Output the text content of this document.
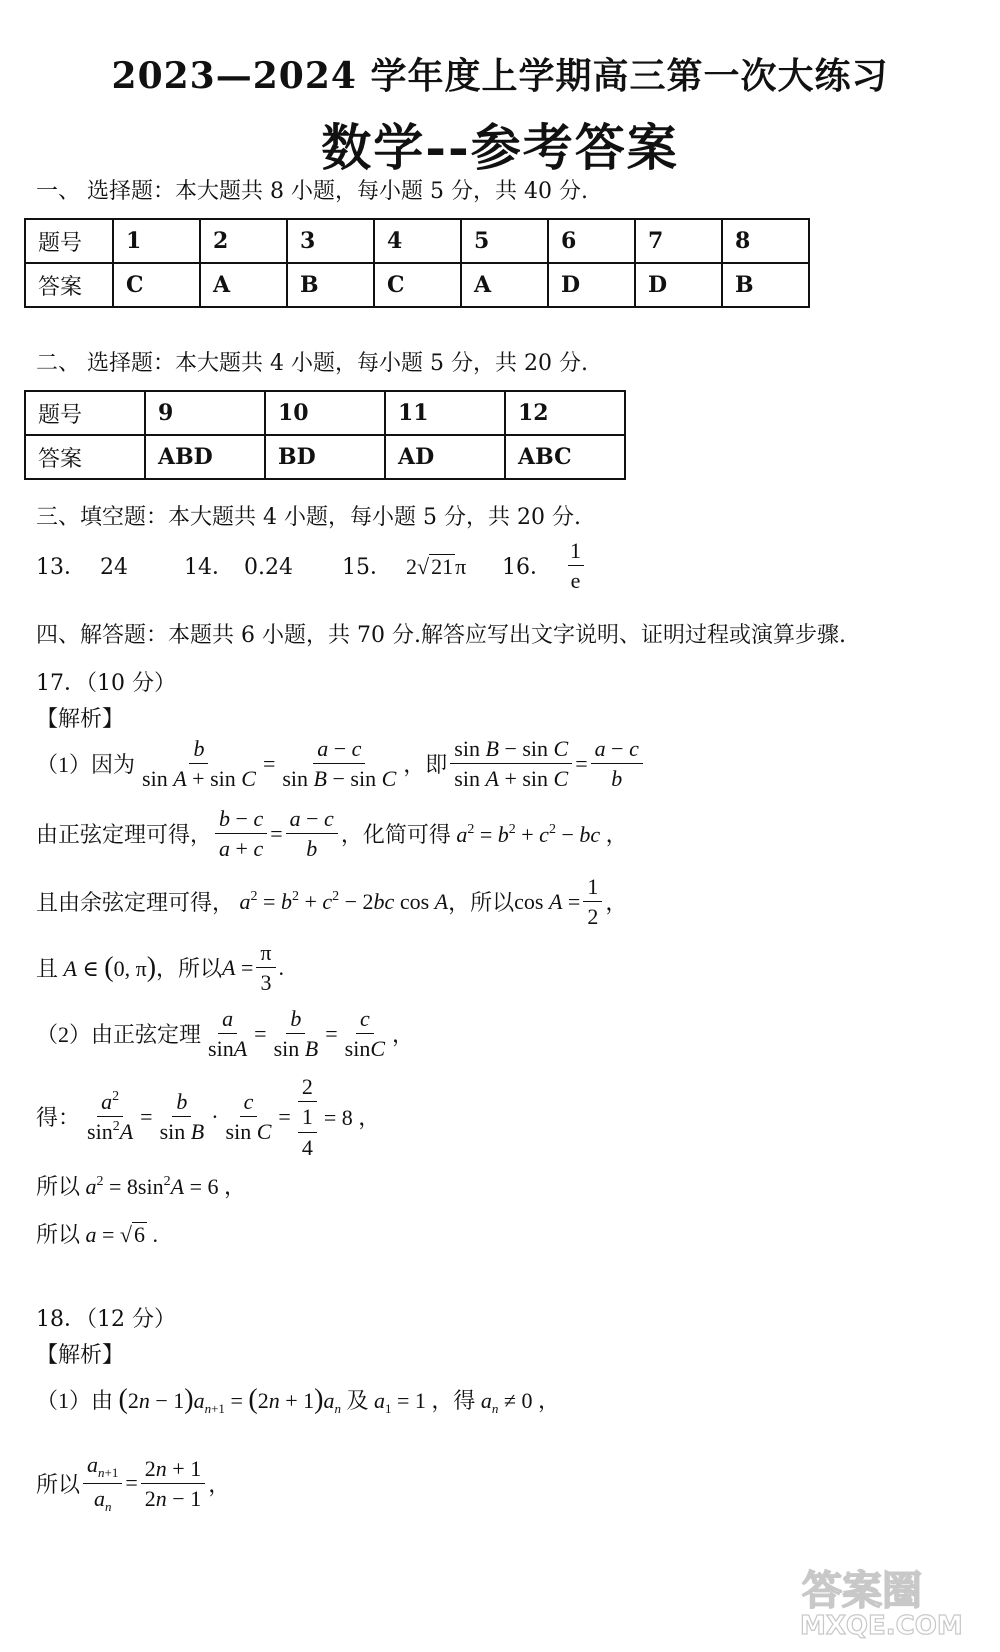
2023—2024 学年度上学期高三第一次大练习
数学--参考答案
一、 选择题：本大题共 8 小题，每小题 5 分，共 40 分.
题号	1	2	3	4	5	6	7	8
答案	C	A	B	C	A	D	D	B
二、 选择题：本大题共 4 小题，每小题 5 分，共 20 分.
题号	9	10	11	12
答案	ABD	BD	AD	ABC
三、填空题：本大题共 4 小题，每小题 5 分，共 20 分.
13． 24	14． 0.24 15． 2√21π 16． $\frac{1}{e}$
四、解答题：本题共 6 小题，共 70 分.解答应写出文字说明、证明过程或演算步骤.
17．（10 分）
【解析】
（1）因为 $\frac{b}{\text{sin A + sin C}} = \frac{a - c}{\text{sin B − sin C}}$ ，即 $\frac{\text{sin B − sin C}}{\text{sin A + sin C}} = \frac{a - c}{b}$
由正弦定理可得， $\frac{b - c}{a + c} = \frac{a - c}{b}$ ，化简可得 $a^2 = b^2 + c^2$ − bc ，
且由余弦定理可得， $a^2 = b^2 + c^2 - 2bc$ cos A ，所以 $\cos A = \frac{1}{2}$ ，
且 A ∈ (0, π) ，所以 $A = \frac{\pi}{3}$ .
（2）由正弦定理 $\frac{a}{\sin A} = \frac{b}{\text{sin B}} = \frac{c}{\sin C}$ ，
得： $\frac{a^2}{\sin^2A} = \frac{b}{\text{sin B}} \cdot \frac{c}{\text{sin C}} = \frac{2}{\frac{1}{4}} = 8$ ，
所以 $a^2 = 8\sin^2A = 6$ ，
所以 a = √6 .
18．（12 分）
【解析】
（1）由 $(2n - 1)a_{n+1} = (2n + 1)a_n$ 及 $a_1 = 1$ ，得 $a_n \ne 0$ ，
所以 $\frac{a_{n+1}}{a_n} = \frac{2n + 1}{2n - 1}$ ，
答案圈
MXQE.COM
